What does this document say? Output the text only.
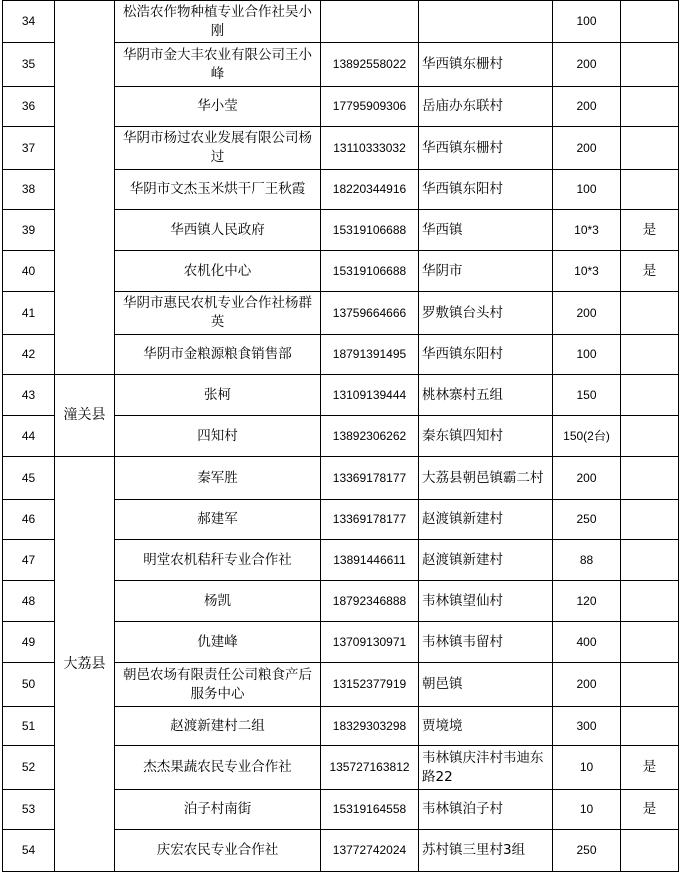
34		松浩农作物种植专业合作社吴小刚			100	
35		华阴市金大丰农业有限公司王小峰	13892558022	华西镇东栅村	200	
36		华小莹	17795909306	岳庙办东联村	200	
37		华阴市杨过农业发展有限公司杨过	13110333032	华西镇东栅村	200	
38		华阴市文杰玉米烘干厂王秋霞	18220344916	华西镇东阳村	100	
39		华西镇人民政府	15319106688	华西镇	10*3	是
40		农机化中心	15319106688	华阴市	10*3	是
41		华阴市惠民农机专业合作社杨群英	13759664666	罗敷镇台头村	200	
42		华阴市金粮源粮食销售部	18791391495	华西镇东阳村	100	
43	潼关县	张柯	13109139444	桃林寨村五组	150	
44		四知村	13892306262	秦东镇四知村	150(2台)	
45	大荔县	秦军胜	13369178177	大荔县朝邑镇霸二村	200	
46		郝建军	13369178177	赵渡镇新建村	250	
47		明堂农机秸秆专业合作社	13891446611	赵渡镇新建村	88	
48		杨凯	18792346888	韦林镇望仙村	120	
49		仇建峰	13709130971	韦林镇韦留村	400	
50		朝邑农场有限责任公司粮食产后服务中心	13152377919	朝邑镇	200	
51		赵渡新建村二组	18329303298	贾境境	300	
52		杰杰果蔬农民专业合作社	135727163812	韦林镇庆沣村韦迪东路22	10	是
53		泊子村南街	15319164558	韦林镇泊子村	10	是
54		庆宏农民专业合作社	13772742024	苏村镇三里村3组	250	
